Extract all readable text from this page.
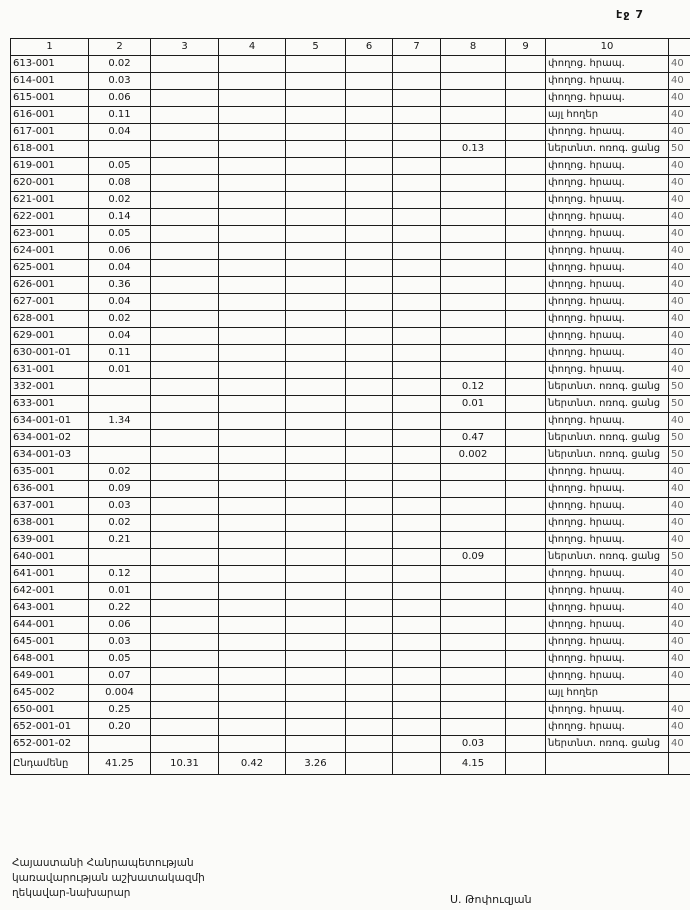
էջ 7
1	2	3	4	5	6	7	8	9	10	
613-001	0.02								փողոց. հրապ.	40
614-001	0.03								փողոց. հրապ.	40
615-001	0.06								փողոց. հրապ.	40
616-001	0.11								այլ հողեր	40
617-001	0.04								փողոց. հրապ.	40
618-001							0.13		ներտնտ. ոռոգ. ցանց	50
619-001	0.05								փողոց. հրապ.	40
620-001	0.08								փողոց. հրապ.	40
621-001	0.02								փողոց. հրապ.	40
622-001	0.14								փողոց. հրապ.	40
623-001	0.05								փողոց. հրապ.	40
624-001	0.06								փողոց. հրապ.	40
625-001	0.04								փողոց. հրապ.	40
626-001	0.36								փողոց. հրապ.	40
627-001	0.04								փողոց. հրապ.	40
628-001	0.02								փողոց. հրապ.	40
629-001	0.04								փողոց. հրապ.	40
630-001-01	0.11								փողոց. հրապ.	40
631-001	0.01								փողոց. հրապ.	40
332-001							0.12		ներտնտ. ոռոգ. ցանց	50
633-001							0.01		ներտնտ. ոռոգ. ցանց	50
634-001-01	1.34								փողոց. հրապ.	40
634-001-02							0.47		ներտնտ. ոռոգ. ցանց	50
634-001-03							0.002		ներտնտ. ոռոգ. ցանց	50
635-001	0.02								փողոց. հրապ.	40
636-001	0.09								փողոց. հրապ.	40
637-001	0.03								փողոց. հրապ.	40
638-001	0.02								փողոց. հրապ.	40
639-001	0.21								փողոց. հրապ.	40
640-001							0.09		ներտնտ. ոռոգ. ցանց	50
641-001	0.12								փողոց. հրապ.	40
642-001	0.01								փողոց. հրապ.	40
643-001	0.22								փողոց. հրապ.	40
644-001	0.06								փողոց. հրապ.	40
645-001	0.03								փողոց. հրապ.	40
648-001	0.05								փողոց. հրապ.	40
649-001	0.07								փողոց. հրապ.	40
645-002	0.004								այլ հողեր	
650-001	0.25								փողոց. հրապ.	40
652-001-01	0.20								փողոց. հրապ.	40
652-001-02							0.03		ներտնտ. ոռոգ. ցանց	40
Ընդամենը	41.25	10.31	0.42	3.26			4.15			
Հայաստանի Հանրապետության
կառավարության աշխատակազմի
ղեկավար-նախարար	Ս. Թոփուզյան
